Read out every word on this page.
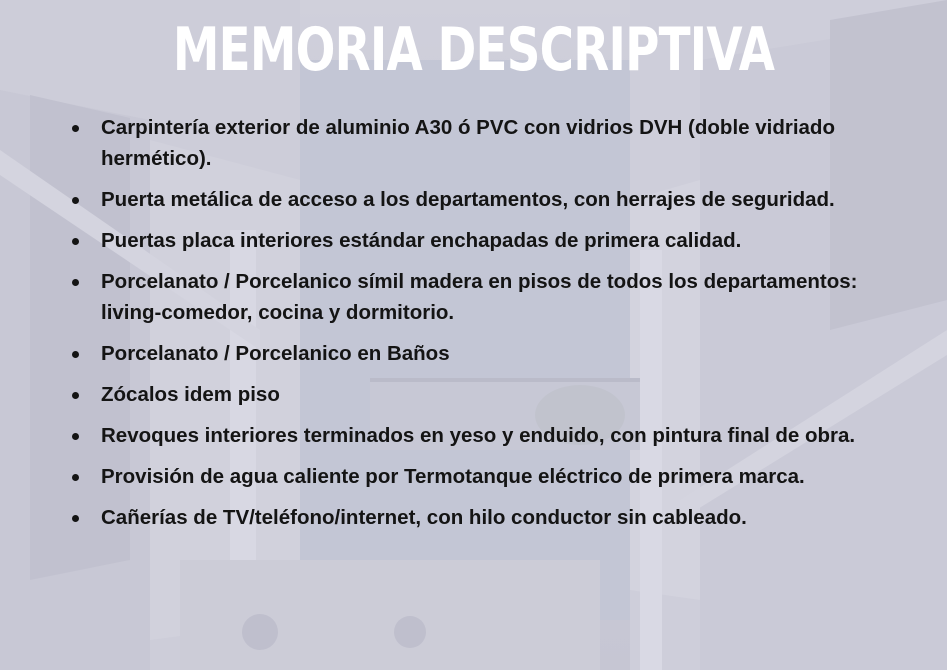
MEMORIA DESCRIPTIVA
Carpintería exterior de aluminio A30 ó PVC con vidrios DVH (doble vidriado hermético).
Puerta metálica de acceso a los departamentos, con herrajes de seguridad.
Puertas placa interiores estándar enchapadas de primera calidad.
Porcelanato / Porcelanico símil madera en pisos de todos los departamentos: living-comedor, cocina y dormitorio.
Porcelanato / Porcelanico en Baños
Zócalos idem piso
Revoques interiores terminados en yeso y enduido, con pintura final de obra.
Provisión de agua caliente por Termotanque eléctrico de primera marca.
Cañerías de TV/teléfono/internet, con hilo conductor sin cableado.
